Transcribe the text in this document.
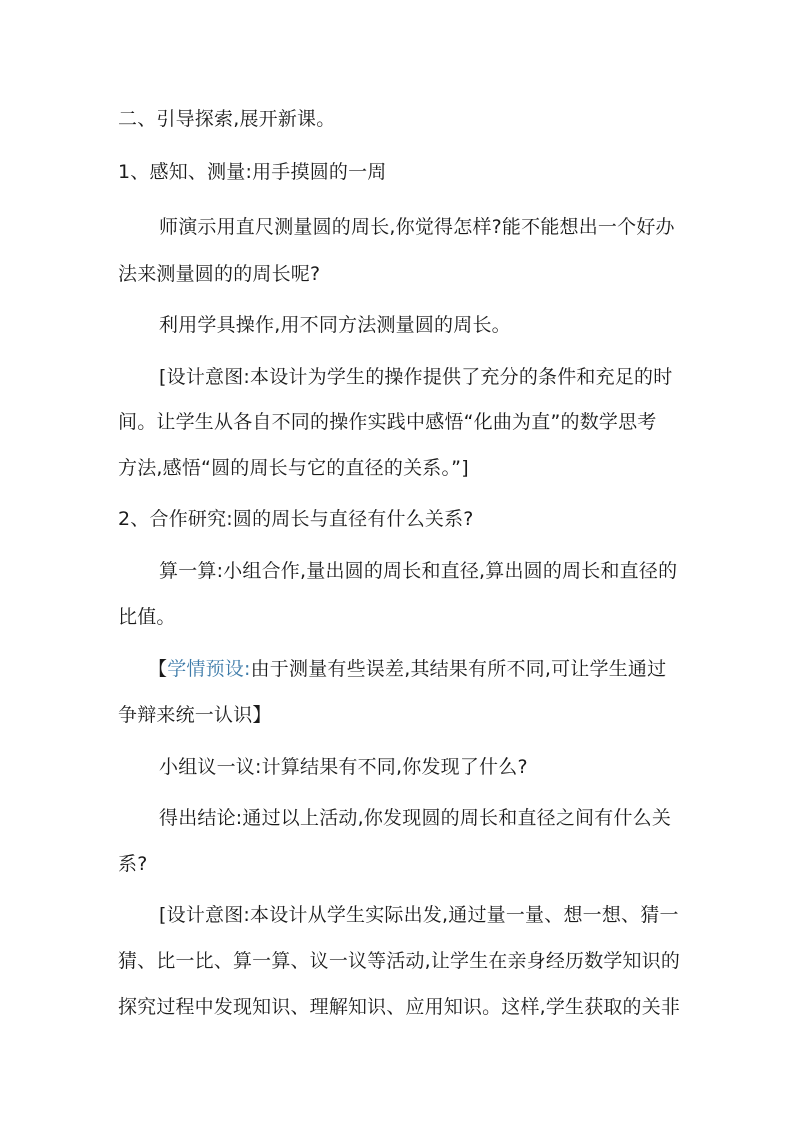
二、引导探索,展开新课。
1、感知、测量:用手摸圆的一周
师演示用直尺测量圆的周长,你觉得怎样?能不能想出一个好办
法来测量圆的的周长呢?
利用学具操作,用不同方法测量圆的周长。
[设计意图:本设计为学生的操作提供了充分的条件和充足的时
间。让学生从各自不同的操作实践中感悟“化曲为直”的数学思考
方法,感悟“圆的周长与它的直径的关系。”]
2、合作研究:圆的周长与直径有什么关系?
算一算:小组合作,量出圆的周长和直径,算出圆的周长和直径的
比值。
【学情预设:由于测量有些误差,其结果有所不同,可让学生通过
争辩来统一认识】
小组议一议:计算结果有不同,你发现了什么?
得出结论:通过以上活动,你发现圆的周长和直径之间有什么关
系?
[设计意图:本设计从学生实际出发,通过量一量、想一想、猜一
猜、比一比、算一算、议一议等活动,让学生在亲身经历数学知识的
探究过程中发现知识、理解知识、应用知识。这样,学生获取的关非
